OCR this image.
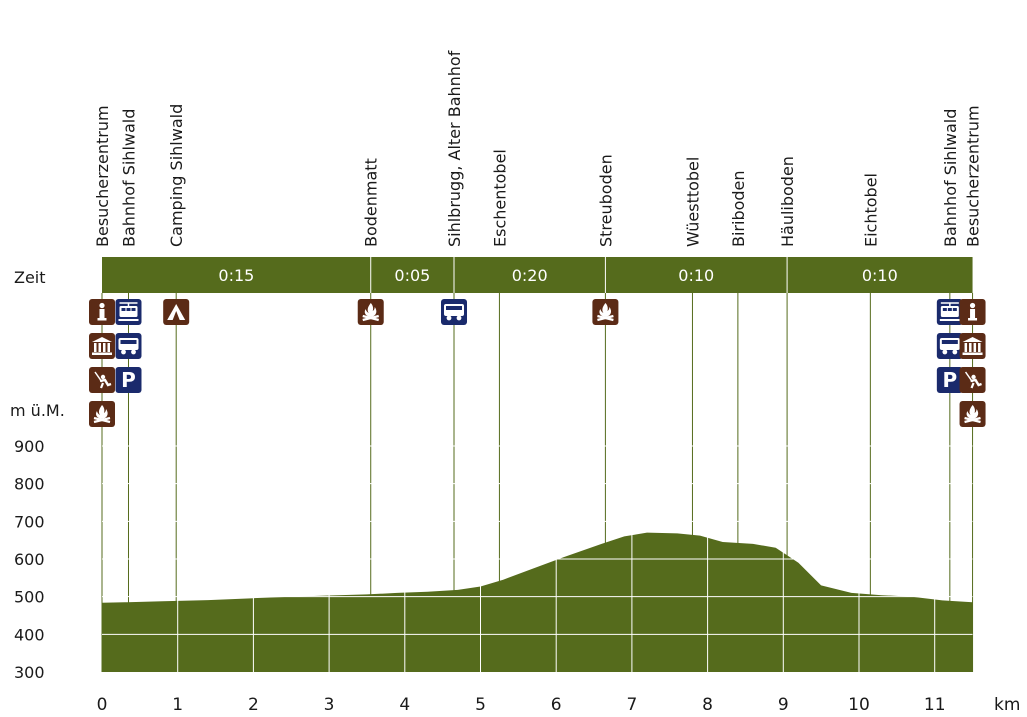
Zeit
m ü.M.
km
0:15	0:05	0:20	0:10	0:10
Besucherzentrum Bahnhof Sihlwald Camping Sihlwald	Bodenmatt	Sihlbrugg, Alter Bahnhof Eschentobel	Streuboden	Wüesttobel Biriboden Häuliboden	Eichtobel	Bahnhof Sihlwald Besucherzentrum
P	P
300
400
500
600
700
800
900
0	1	2	3	4	5	6	7	8	9	10	11
